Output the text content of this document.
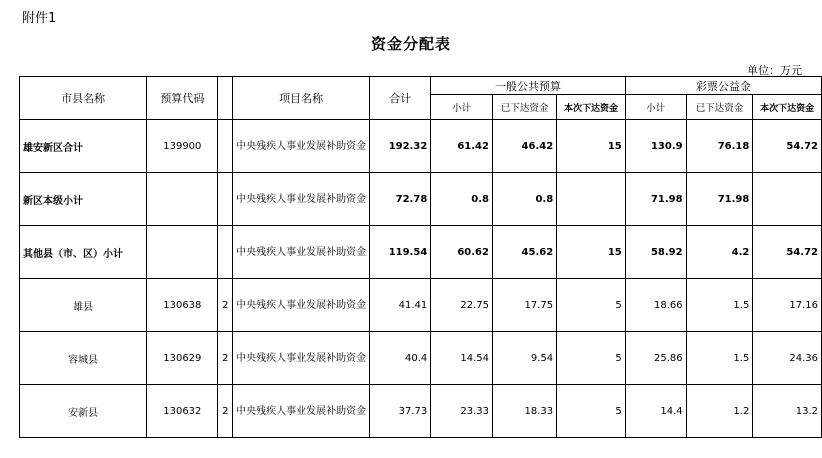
附件1
资金分配表
单位：万元
市县名称	预算代码		项目名称	合计	一般公共预算			彩票公益金		
					小计	已下达资金	本次下达资金	小计	已下达资金	本次下达资金
雄安新区合计	139900		中央残疾人事业发展补助资金	192.32	61.42	46.42	15	130.9	76.18	54.72
新区本级小计			中央残疾人事业发展补助资金	72.78	0.8	0.8		71.98	71.98	
其他县（市、区）小计			中央残疾人事业发展补助资金	119.54	60.62	45.62	15	58.92	4.2	54.72
雄县	130638	2	中央残疾人事业发展补助资金	41.41	22.75	17.75	5	18.66	1.5	17.16
容城县	130629	2	中央残疾人事业发展补助资金	40.4	14.54	9.54	5	25.86	1.5	24.36
安新县	130632	2	中央残疾人事业发展补助资金	37.73	23.33	18.33	5	14.4	1.2	13.2
